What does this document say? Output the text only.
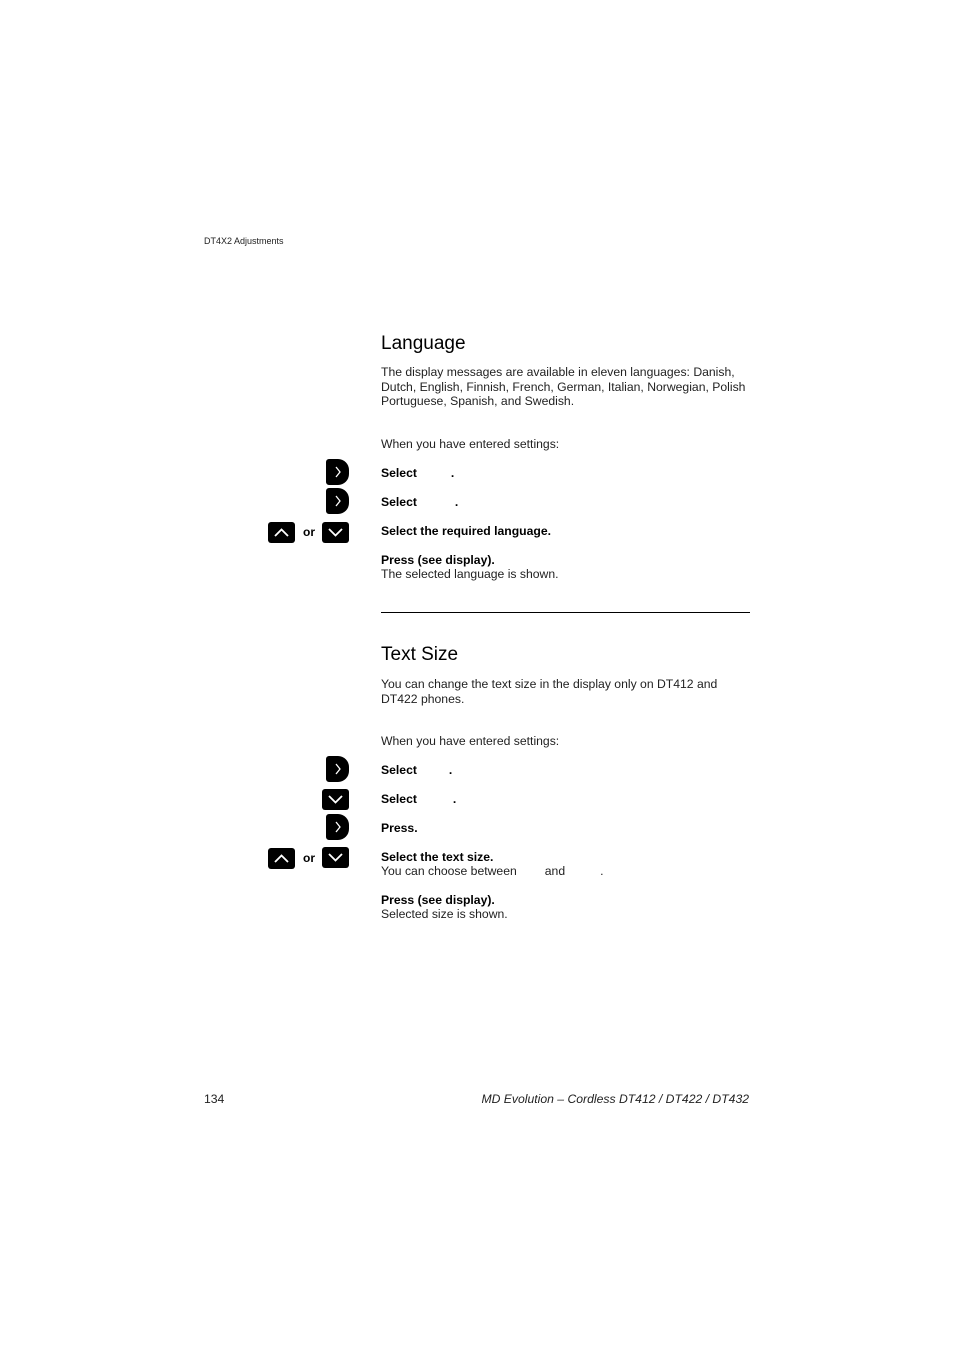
DT4X2 Adjustments
Language
The display messages are available in eleven languages: Danish,
Dutch, English, Finnish, French, German, Italian, Norwegian, Polish
Portuguese, Spanish, and Swedish.
When you have entered settings:
Select	.
Select	.
or	Select the required language.
Press (see display).
The selected language is shown.
Text Size
You can change the text size in the display only on DT412 and
DT422 phones.
When you have entered settings:
Select	.
Select	.
Press.
or	Select the text size.
You can choose between and	.
Press (see display).
Selected size is shown.
134	MD Evolution – Cordless DT412 / DT422 / DT432
